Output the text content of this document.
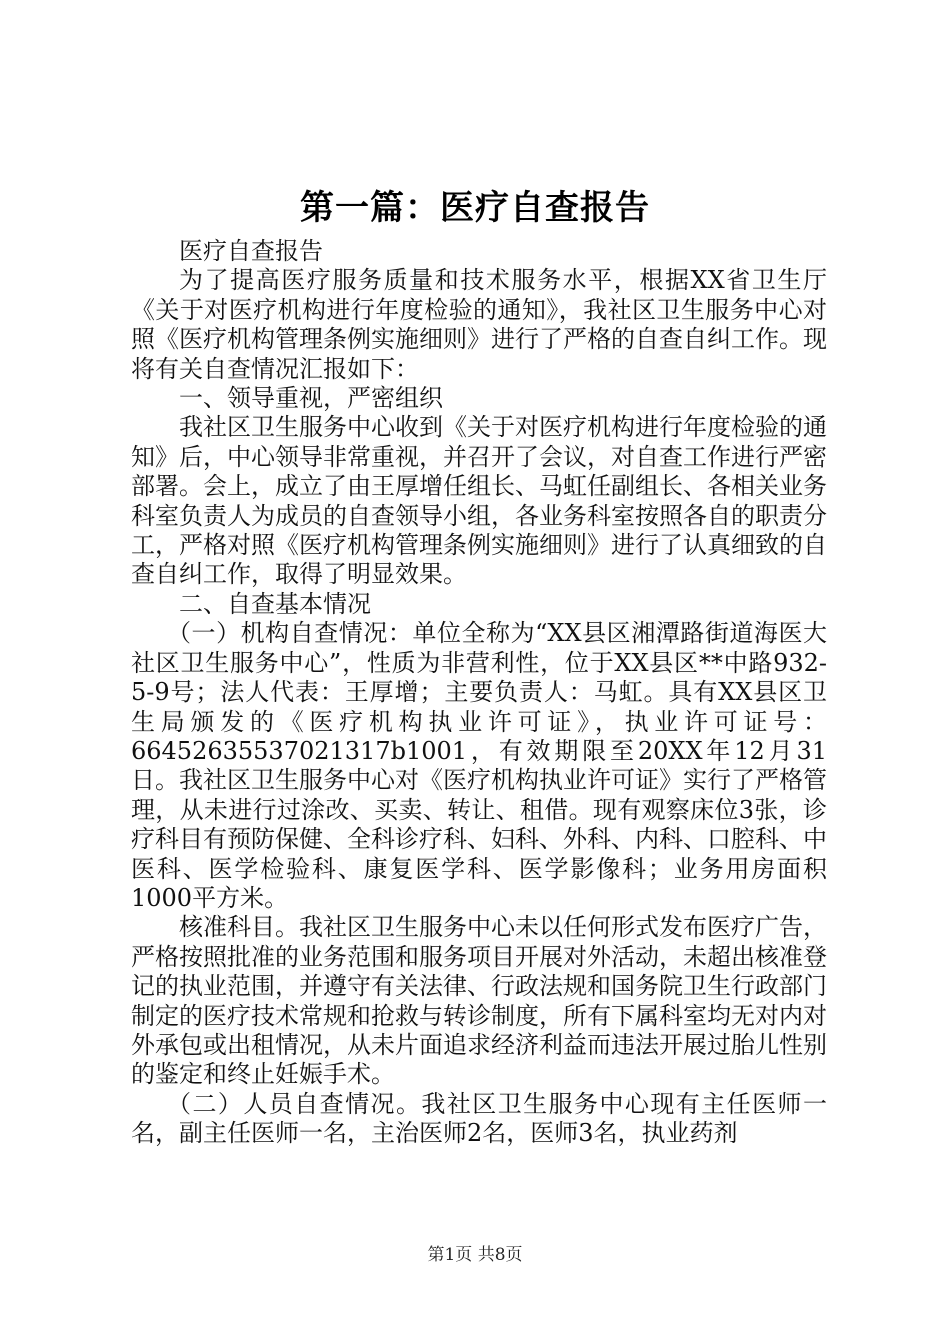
第一篇：医疗自查报告

医疗自查报告

为了提高医疗服务质量和技术服务水平，根据XX省卫生厅《关于对医疗机构进行年度检验的通知》，我社区卫生服务中心对照《医疗机构管理条例实施细则》进行了严格的自查自纠工作。现将有关自查情况汇报如下：

一、领导重视，严密组织

我社区卫生服务中心收到《关于对医疗机构进行年度检验的通知》后，中心领导非常重视，并召开了会议，对自查工作进行严密部署。会上，成立了由王厚增任组长、马虹任副组长、各相关业务科室负责人为成员的自查领导小组，各业务科室按照各自的职责分工，严格对照《医疗机构管理条例实施细则》进行了认真细致的自查自纠工作，取得了明显效果。

二、自查基本情况

（一）机构自查情况：单位全称为“XX县区湘潭路街道海医大社区卫生服务中心”，性质为非营利性，位于XX县区**中路932-5-9号；法人代表：王厚增；主要负责人：马虹。具有XX县区卫生局颁发的《医疗机构执业许可证》，执业许可证号：66452635537021317b1001，有效期限至20XX年12月31日。我社区卫生服务中心对《医疗机构执业许可证》实行了严格管理，从未进行过涂改、买卖、转让、租借。现有观察床位3张，诊疗科目有预防保健、全科诊疗科、妇科、外科、内科、口腔科、中医科、医学检验科、康复医学科、医学影像科；业务用房面积1000平方米。

核准科目。我社区卫生服务中心未以任何形式发布医疗广告，严格按照批准的业务范围和服务项目开展对外活动，未超出核准登记的执业范围，并遵守有关法律、行政法规和国务院卫生行政部门制定的医疗技术常规和抢救与转诊制度，所有下属科室均无对内对外承包或出租情况，从未片面追求经济利益而违法开展过胎儿性别的鉴定和终止妊娠手术。

（二）人员自查情况。我社区卫生服务中心现有主任医师一名，副主任医师一名，主治医师2名，医师3名，执业药剂

第1页 共8页
